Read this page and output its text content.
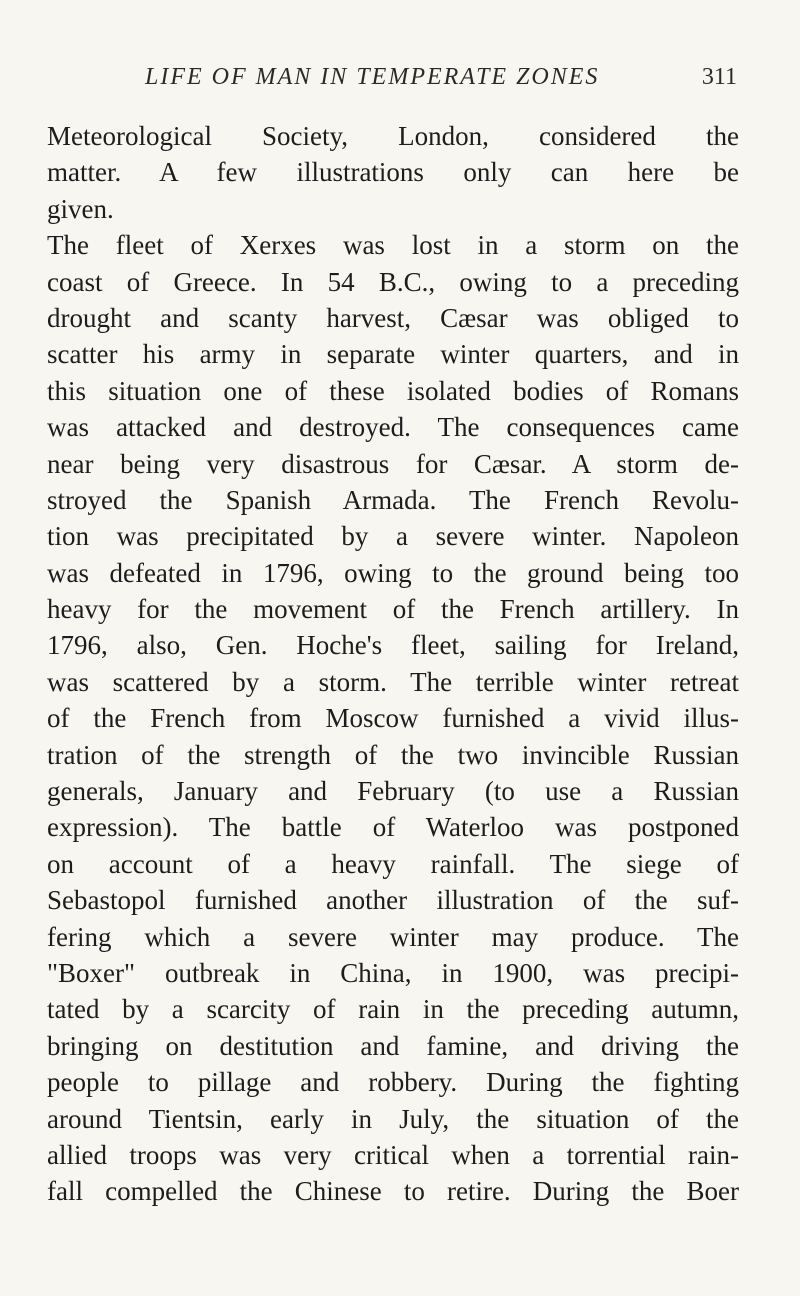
LIFE OF MAN IN TEMPERATE ZONES	311
Meteorological Society, London, considered the
matter. A few illustrations only can here be
given.
The fleet of Xerxes was lost in a storm on the
coast of Greece. In 54 B.C., owing to a preceding
drought and scanty harvest, Cæsar was obliged to
scatter his army in separate winter quarters, and in
this situation one of these isolated bodies of Romans
was attacked and destroyed. The consequences came
near being very disastrous for Cæsar. A storm de-
stroyed the Spanish Armada. The French Revolu-
tion was precipitated by a severe winter. Napoleon
was defeated in 1796, owing to the ground being too
heavy for the movement of the French artillery. In
1796, also, Gen. Hoche's fleet, sailing for Ireland,
was scattered by a storm. The terrible winter retreat
of the French from Moscow furnished a vivid illus-
tration of the strength of the two invincible Russian
generals, January and February (to use a Russian
expression). The battle of Waterloo was postponed
on account of a heavy rainfall. The siege of
Sebastopol furnished another illustration of the suf-
fering which a severe winter may produce. The
"Boxer" outbreak in China, in 1900, was precipi-
tated by a scarcity of rain in the preceding autumn,
bringing on destitution and famine, and driving the
people to pillage and robbery. During the fighting
around Tientsin, early in July, the situation of the
allied troops was very critical when a torrential rain-
fall compelled the Chinese to retire. During the Boer
